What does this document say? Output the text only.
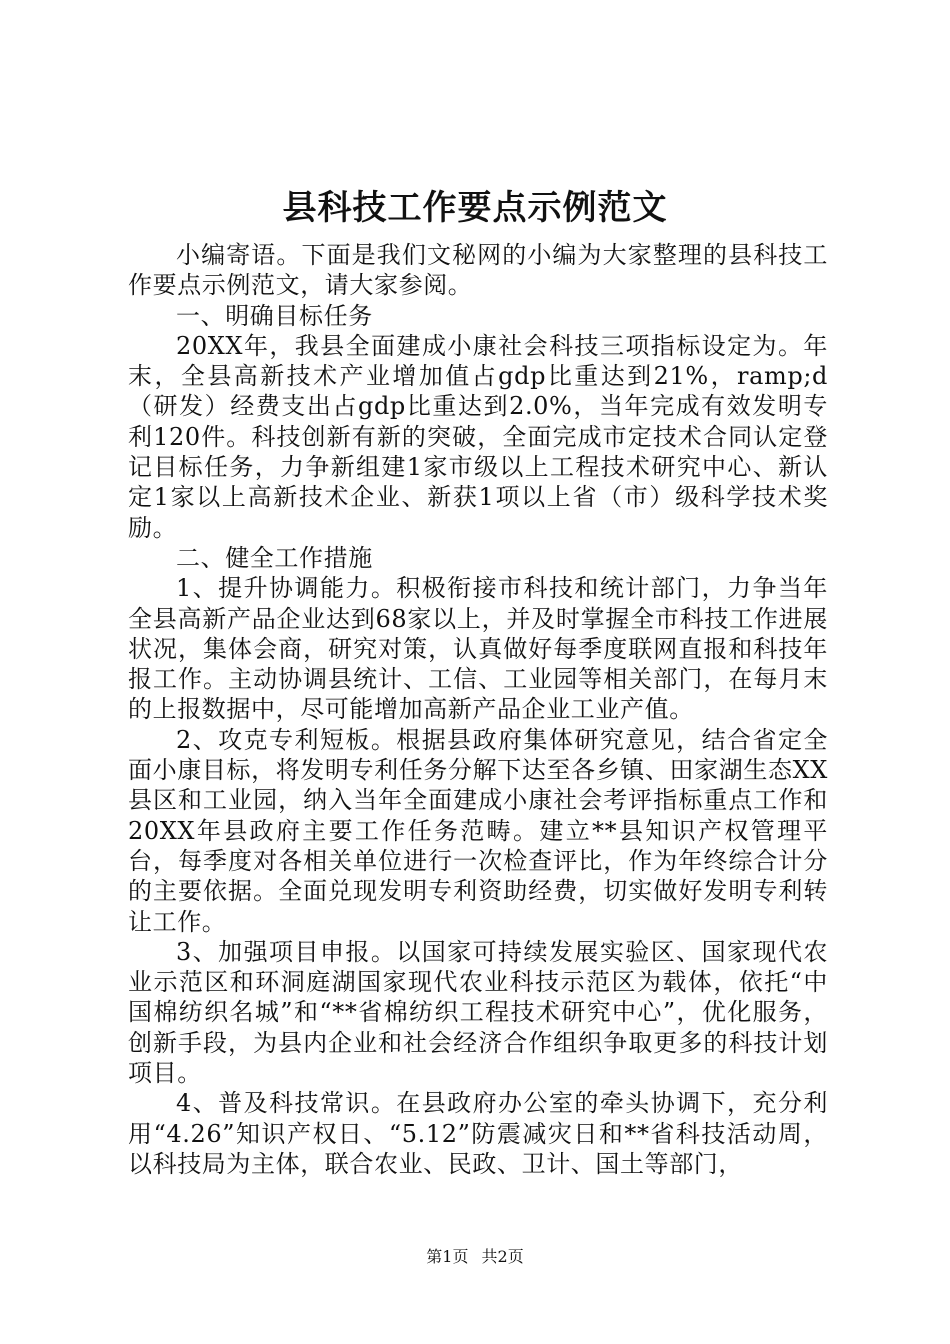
县科技工作要点示例范文

小编寄语。下面是我们文秘网的小编为大家整理的县科技工作要点示例范文，请大家参阅。

一、明确目标任务

20XX年，我县全面建成小康社会科技三项指标设定为。年末，全县高新技术产业增加值占gdp比重达到21%，ramp;d（研发）经费支出占gdp比重达到2.0%，当年完成有效发明专利120件。科技创新有新的突破，全面完成市定技术合同认定登记目标任务，力争新组建1家市级以上工程技术研究中心、新认定1家以上高新技术企业、新获1项以上省（市）级科学技术奖励。

二、健全工作措施

1、提升协调能力。积极衔接市科技和统计部门，力争当年全县高新产品企业达到68家以上，并及时掌握全市科技工作进展状况，集体会商，研究对策，认真做好每季度联网直报和科技年报工作。主动协调县统计、工信、工业园等相关部门，在每月末的上报数据中，尽可能增加高新产品企业工业产值。

2、攻克专利短板。根据县政府集体研究意见，结合省定全面小康目标，将发明专利任务分解下达至各乡镇、田家湖生态XX县区和工业园，纳入当年全面建成小康社会考评指标重点工作和20XX年县政府主要工作任务范畴。建立**县知识产权管理平台，每季度对各相关单位进行一次检查评比，作为年终综合计分的主要依据。全面兑现发明专利资助经费，切实做好发明专利转让工作。

3、加强项目申报。以国家可持续发展实验区、国家现代农业示范区和环洞庭湖国家现代农业科技示范区为载体，依托“中国棉纺织名城”和“**省棉纺织工程技术研究中心”，优化服务，创新手段，为县内企业和社会经济合作组织争取更多的科技计划项目。

4、普及科技常识。在县政府办公室的牵头协调下，充分利用“4.26”知识产权日、“5.12”防震减灾日和**省科技活动周，以科技局为主体，联合农业、民政、卫计、国土等部门，

第1页 共2页
